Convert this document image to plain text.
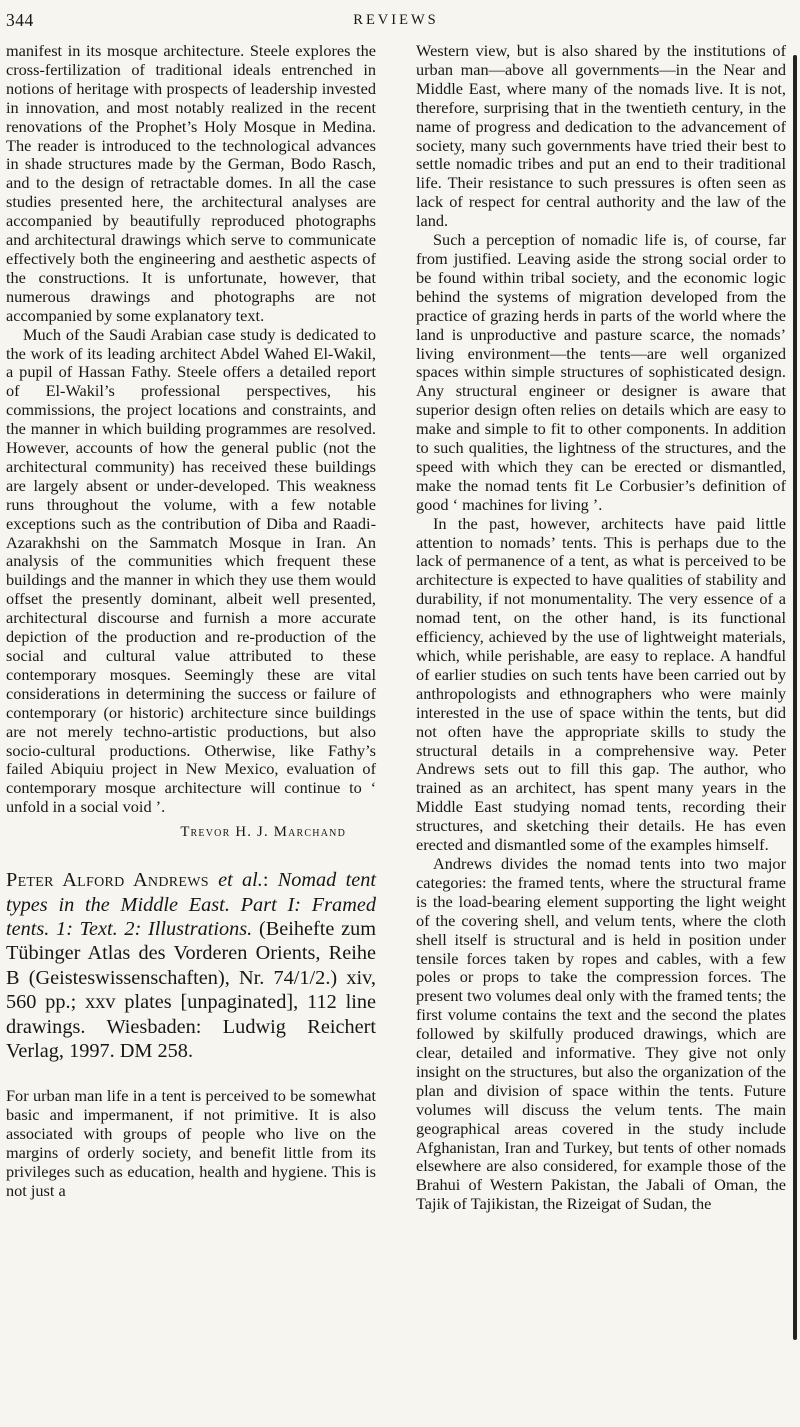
344	REVIEWS

manifest in its mosque architecture. Steele explores the cross-fertilization of traditional ideals entrenched in notions of heritage with prospects of leadership invested in innovation, and most notably realized in the recent renovations of the Prophet’s Holy Mosque in Medina. The reader is introduced to the technological advances in shade structures made by the German, Bodo Rasch, and to the design of retractable domes. In all the case studies presented here, the architectural analyses are accompanied by beautifully reproduced photographs and architectural drawings which serve to communicate effectively both the engineering and aesthetic aspects of the constructions. It is unfortunate, however, that numerous drawings and photographs are not accompanied by some explanatory text.

Much of the Saudi Arabian case study is dedicated to the work of its leading architect Abdel Wahed El-Wakil, a pupil of Hassan Fathy. Steele offers a detailed report of El-Wakil’s professional perspectives, his commissions, the project locations and constraints, and the manner in which building programmes are resolved. However, accounts of how the general public (not the architectural community) has received these buildings are largely absent or under-developed. This weakness runs throughout the volume, with a few notable exceptions such as the contribution of Diba and Raadi-Azarakhshi on the Sammatch Mosque in Iran. An analysis of the communities which frequent these buildings and the manner in which they use them would offset the presently dominant, albeit well presented, architectural discourse and furnish a more accurate depiction of the production and re-production of the social and cultural value attributed to these contemporary mosques. Seemingly these are vital considerations in determining the success or failure of contemporary (or historic) architecture since buildings are not merely techno-artistic productions, but also socio-cultural productions. Otherwise, like Fathy’s failed Abiquiu project in New Mexico, evaluation of contemporary mosque architecture will continue to ‘ unfold in a social void ’.

Trevor H. J. Marchand

Peter Alford Andrews et al.: Nomad tent types in the Middle East. Part I: Framed tents. 1: Text. 2: Illustrations. (Beihefte zum Tübinger Atlas des Vorderen Orients, Reihe B (Geisteswissenschaften), Nr. 74/1/2.) xiv, 560 pp.; xxv plates [unpaginated], 112 line drawings. Wiesbaden: Ludwig Reichert Verlag, 1997. DM 258.

For urban man life in a tent is perceived to be somewhat basic and impermanent, if not primitive. It is also associated with groups of people who live on the margins of orderly society, and benefit little from its privileges such as education, health and hygiene. This is not just a

Western view, but is also shared by the institutions of urban man—above all governments—in the Near and Middle East, where many of the nomads live. It is not, therefore, surprising that in the twentieth century, in the name of progress and dedication to the advancement of society, many such governments have tried their best to settle nomadic tribes and put an end to their traditional life. Their resistance to such pressures is often seen as lack of respect for central authority and the law of the land.

Such a perception of nomadic life is, of course, far from justified. Leaving aside the strong social order to be found within tribal society, and the economic logic behind the systems of migration developed from the practice of grazing herds in parts of the world where the land is unproductive and pasture scarce, the nomads’ living environment—the tents—are well organized spaces within simple structures of sophisticated design. Any structural engineer or designer is aware that superior design often relies on details which are easy to make and simple to fit to other components. In addition to such qualities, the lightness of the structures, and the speed with which they can be erected or dismantled, make the nomad tents fit Le Corbusier’s definition of good ‘ machines for living ’.

In the past, however, architects have paid little attention to nomads’ tents. This is perhaps due to the lack of permanence of a tent, as what is perceived to be architecture is expected to have qualities of stability and durability, if not monumentality. The very essence of a nomad tent, on the other hand, is its functional efficiency, achieved by the use of lightweight materials, which, while perishable, are easy to replace. A handful of earlier studies on such tents have been carried out by anthropologists and ethnographers who were mainly interested in the use of space within the tents, but did not often have the appropriate skills to study the structural details in a comprehensive way. Peter Andrews sets out to fill this gap. The author, who trained as an architect, has spent many years in the Middle East studying nomad tents, recording their structures, and sketching their details. He has even erected and dismantled some of the examples himself.

Andrews divides the nomad tents into two major categories: the framed tents, where the structural frame is the load-bearing element supporting the light weight of the covering shell, and velum tents, where the cloth shell itself is structural and is held in position under tensile forces taken by ropes and cables, with a few poles or props to take the compression forces. The present two volumes deal only with the framed tents; the first volume contains the text and the second the plates followed by skilfully produced drawings, which are clear, detailed and informative. They give not only insight on the structures, but also the organization of the plan and division of space within the tents. Future volumes will discuss the velum tents. The main geographical areas covered in the study include Afghanistan, Iran and Turkey, but tents of other nomads elsewhere are also considered, for example those of the Brahui of Western Pakistan, the Jabali of Oman, the Tajik of Tajikistan, the Rizeigat of Sudan, the
